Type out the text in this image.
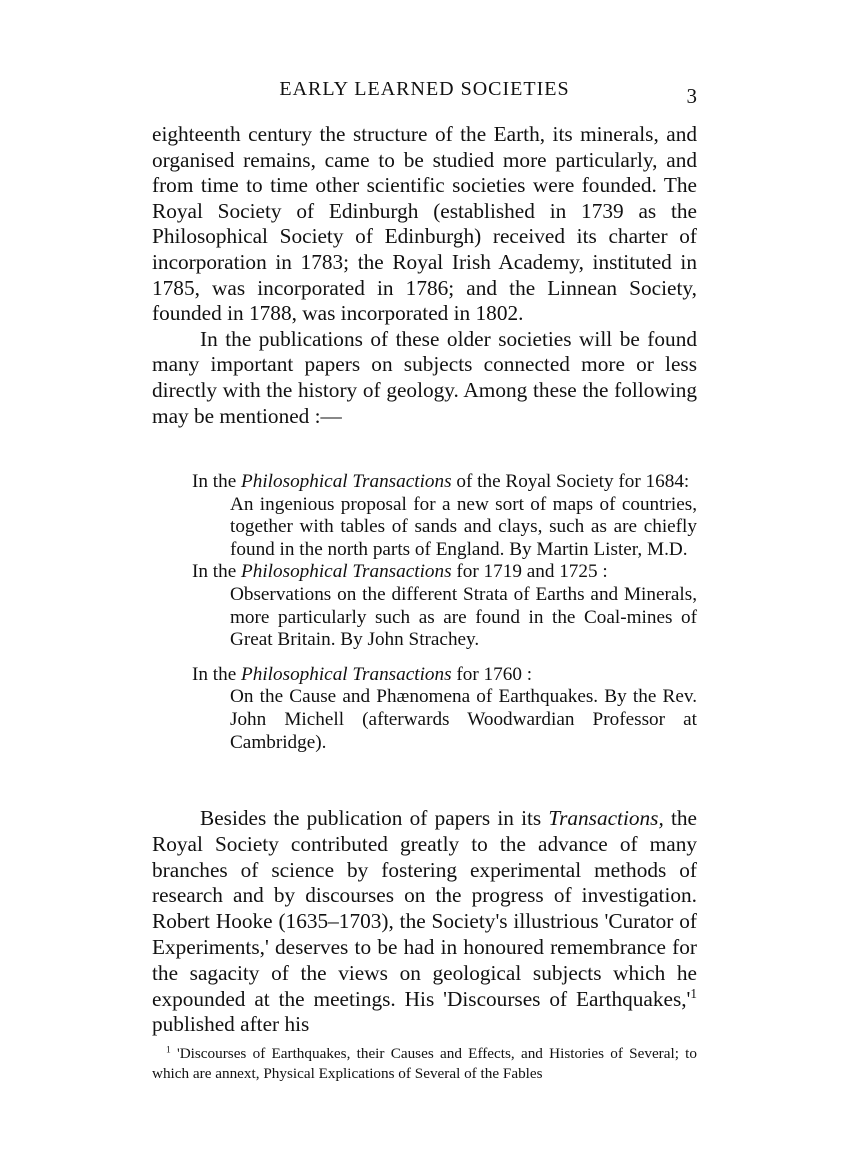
EARLY LEARNED SOCIETIES	3

eighteenth century the structure of the Earth, its minerals, and organised remains, came to be studied more particularly, and from time to time other scientific societies were founded. The Royal Society of Edinburgh (established in 1739 as the Philosophical Society of Edinburgh) received its charter of incorporation in 1783; the Royal Irish Academy, instituted in 1785, was incorporated in 1786; and the Linnean Society, founded in 1788, was incorporated in 1802.

In the publications of these older societies will be found many important papers on subjects connected more or less directly with the history of geology. Among these the following may be mentioned :—

In the Philosophical Transactions of the Royal Society for 1684:

An ingenious proposal for a new sort of maps of countries, together with tables of sands and clays, such as are chiefly found in the north parts of England. By Martin Lister, M.D.

In the Philosophical Transactions for 1719 and 1725 :

Observations on the different Strata of Earths and Minerals, more particularly such as are found in the Coal-mines of Great Britain. By John Strachey.

In the Philosophical Transactions for 1760 :

On the Cause and Phænomena of Earthquakes. By the Rev. John Michell (afterwards Woodwardian Professor at Cambridge).

Besides the publication of papers in its Transactions, the Royal Society contributed greatly to the advance of many branches of science by fostering experimental methods of research and by discourses on the progress of investigation. Robert Hooke (1635–1703), the Society's illustrious 'Curator of Experiments,' deserves to be had in honoured remembrance for the sagacity of the views on geological subjects which he expounded at the meetings. His 'Discourses of $Earthquakes,'^1$ published after his

$^1$ 'Discourses of Earthquakes, their Causes and Effects, and Histories of Several; to which are annext, Physical Explications of Several of the Fables
